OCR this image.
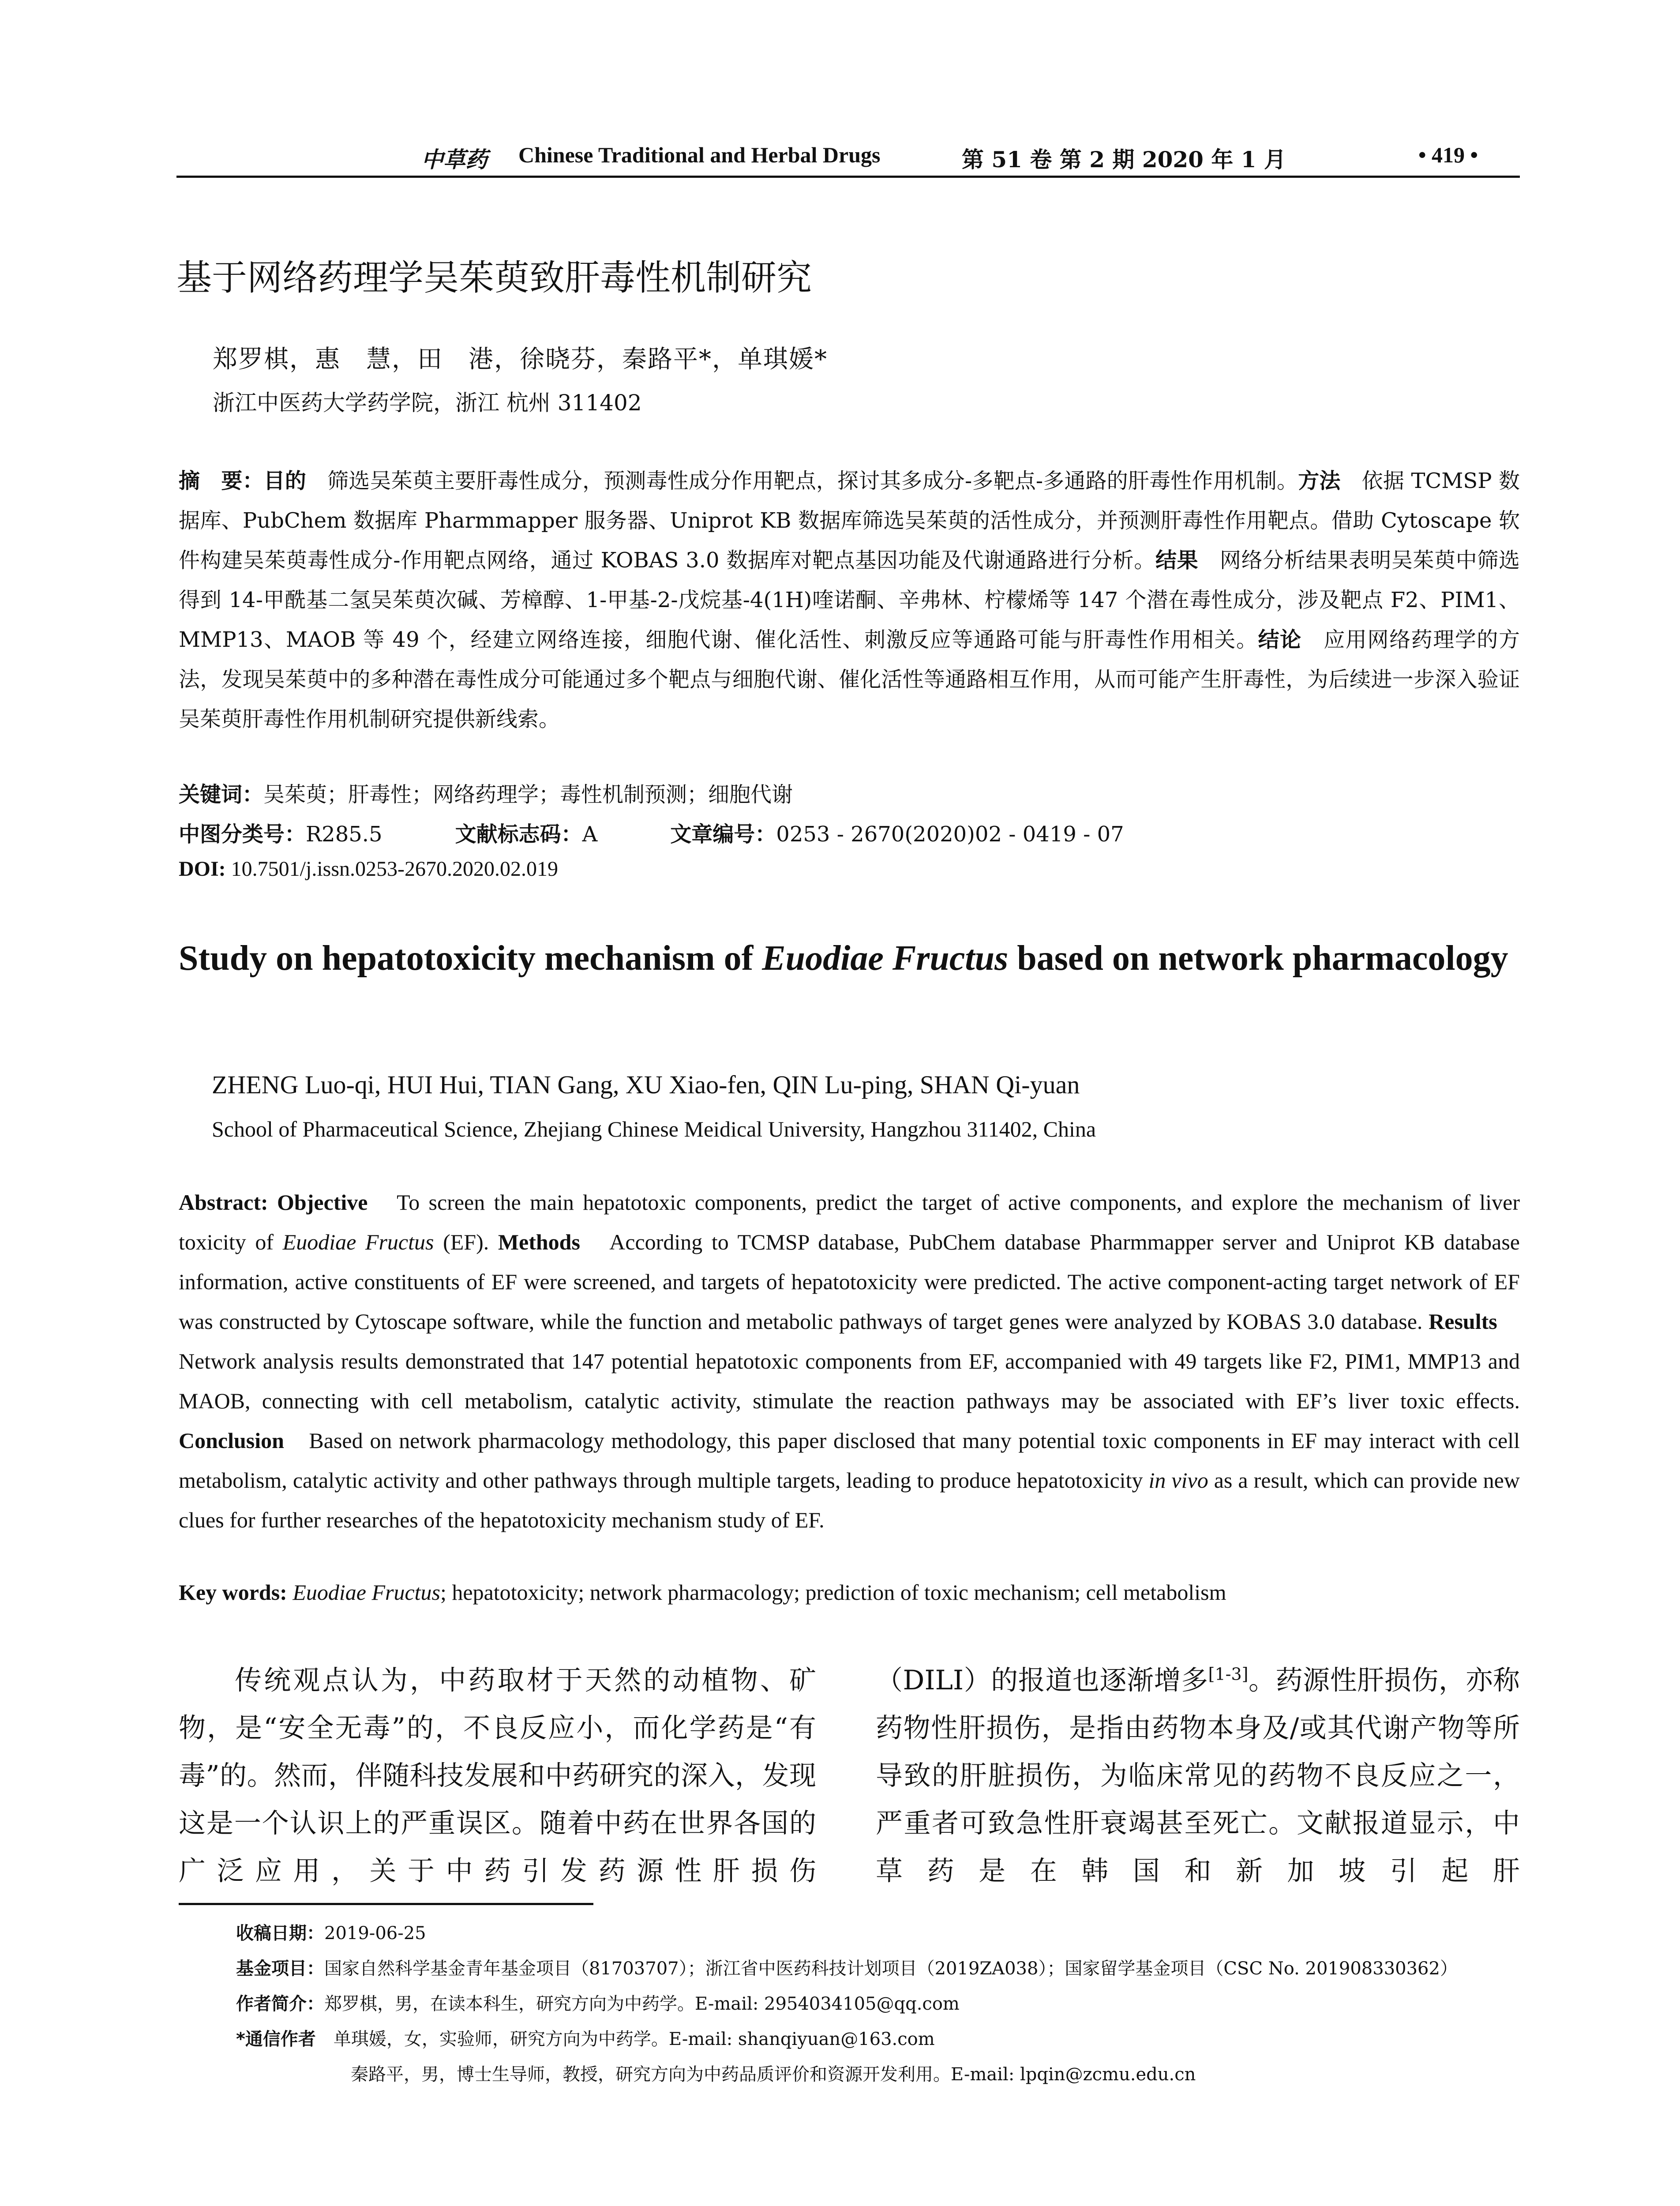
中草药 Chinese Traditional and Herbal Drugs	第 51 卷 第 2 期 2020 年 1 月	• 419 •
基于网络药理学吴茱萸致肝毒性机制研究
郑罗棋，惠　慧，田　港，徐晓芬，秦路平*，单琪媛*
浙江中医药大学药学院，浙江 杭州 311402
摘　要：目的　筛选吴茱萸主要肝毒性成分，预测毒性成分作用靶点，探讨其多成分-多靶点-多通路的肝毒性作用机制。方法　依据 TCMSP 数据库、PubChem 数据库 Pharmmapper 服务器、Uniprot KB 数据库筛选吴茱萸的活性成分，并预测肝毒性作用靶点。借助 Cytoscape 软件构建吴茱萸毒性成分-作用靶点网络，通过 KOBAS 3.0 数据库对靶点基因功能及代谢通路进行分析。结果　网络分析结果表明吴茱萸中筛选得到 14-甲酰基二氢吴茱萸次碱、芳樟醇、1-甲基-2-戊烷基-4(1H)喹诺酮、辛弗林、柠檬烯等 147 个潜在毒性成分，涉及靶点 F2、PIM1、MMP13、MAOB 等 49 个，经建立网络连接，细胞代谢、催化活性、刺激反应等通路可能与肝毒性作用相关。结论　应用网络药理学的方法，发现吴茱萸中的多种潜在毒性成分可能通过多个靶点与细胞代谢、催化活性等通路相互作用，从而可能产生肝毒性，为后续进一步深入验证吴茱萸肝毒性作用机制研究提供新线索。
关键词：吴茱萸；肝毒性；网络药理学；毒性机制预测；细胞代谢
中图分类号：R285.5	文献标志码：A	文章编号：0253 - 2670(2020)02 - 0419 - 07
DOI: 10.7501/j.issn.0253-2670.2020.02.019
Study on hepatotoxicity mechanism of Euodiae Fructus based on network pharmacology
ZHENG Luo-qi, HUI Hui, TIAN Gang, XU Xiao-fen, QIN Lu-ping, SHAN Qi-yuan
School of Pharmaceutical Science, Zhejiang Chinese Meidical University, Hangzhou 311402, China
Abstract: Objective　To screen the main hepatotoxic components, predict the target of active components, and explore the mechanism of liver toxicity of Euodiae Fructus (EF). Methods　According to TCMSP database, PubChem database Pharmmapper server and Uniprot KB database information, active constituents of EF were screened, and targets of hepatotoxicity were predicted. The active component-acting target network of EF was constructed by Cytoscape software, while the function and metabolic pathways of target genes were analyzed by KOBAS 3.0 database. Results　Network analysis results demonstrated that 147 potential hepatotoxic components from EF, accompanied with 49 targets like F2, PIM1, MMP13 and MAOB, connecting with cell metabolism, catalytic activity, stimulate the reaction pathways may be associated with EF’s liver toxic effects. Conclusion　Based on network pharmacology methodology, this paper disclosed that many potential toxic components in EF may interact with cell metabolism, catalytic activity and other pathways through multiple targets, leading to produce hepatotoxicity in vivo as a result, which can provide new clues for further researches of the hepatotoxicity mechanism study of EF.
Key words: Euodiae Fructus; hepatotoxicity; network pharmacology; prediction of toxic mechanism; cell metabolism
传统观点认为，中药取材于天然的动植物、矿物，是“安全无毒”的，不良反应小，而化学药是“有毒”的。然而，伴随科技发展和中药研究的深入，发现这是一个认识上的严重误区。随着中药在世界各国的广泛应用，关于中药引发药源性肝损伤
（DILI）的报道也逐渐增多[1-3]。药源性肝损伤，亦称药物性肝损伤，是指由药物本身及/或其代谢产物等所导致的肝脏损伤，为临床常见的药物不良反应之一，严重者可致急性肝衰竭甚至死亡。文献报道显示，中草药是在韩国和新加坡引起肝
收稿日期：2019-06-25
基金项目：国家自然科学基金青年基金项目（81703707）；浙江省中医药科技计划项目（2019ZA038）；国家留学基金项目（CSC No. 201908330362）
作者简介：郑罗棋，男，在读本科生，研究方向为中药学。E-mail: 2954034105@qq.com
*通信作者　单琪媛，女，实验师，研究方向为中药学。E-mail: shanqiyuan@163.com
秦路平，男，博士生导师，教授，研究方向为中药品质评价和资源开发利用。E-mail: lpqin@zcmu.edu.cn
